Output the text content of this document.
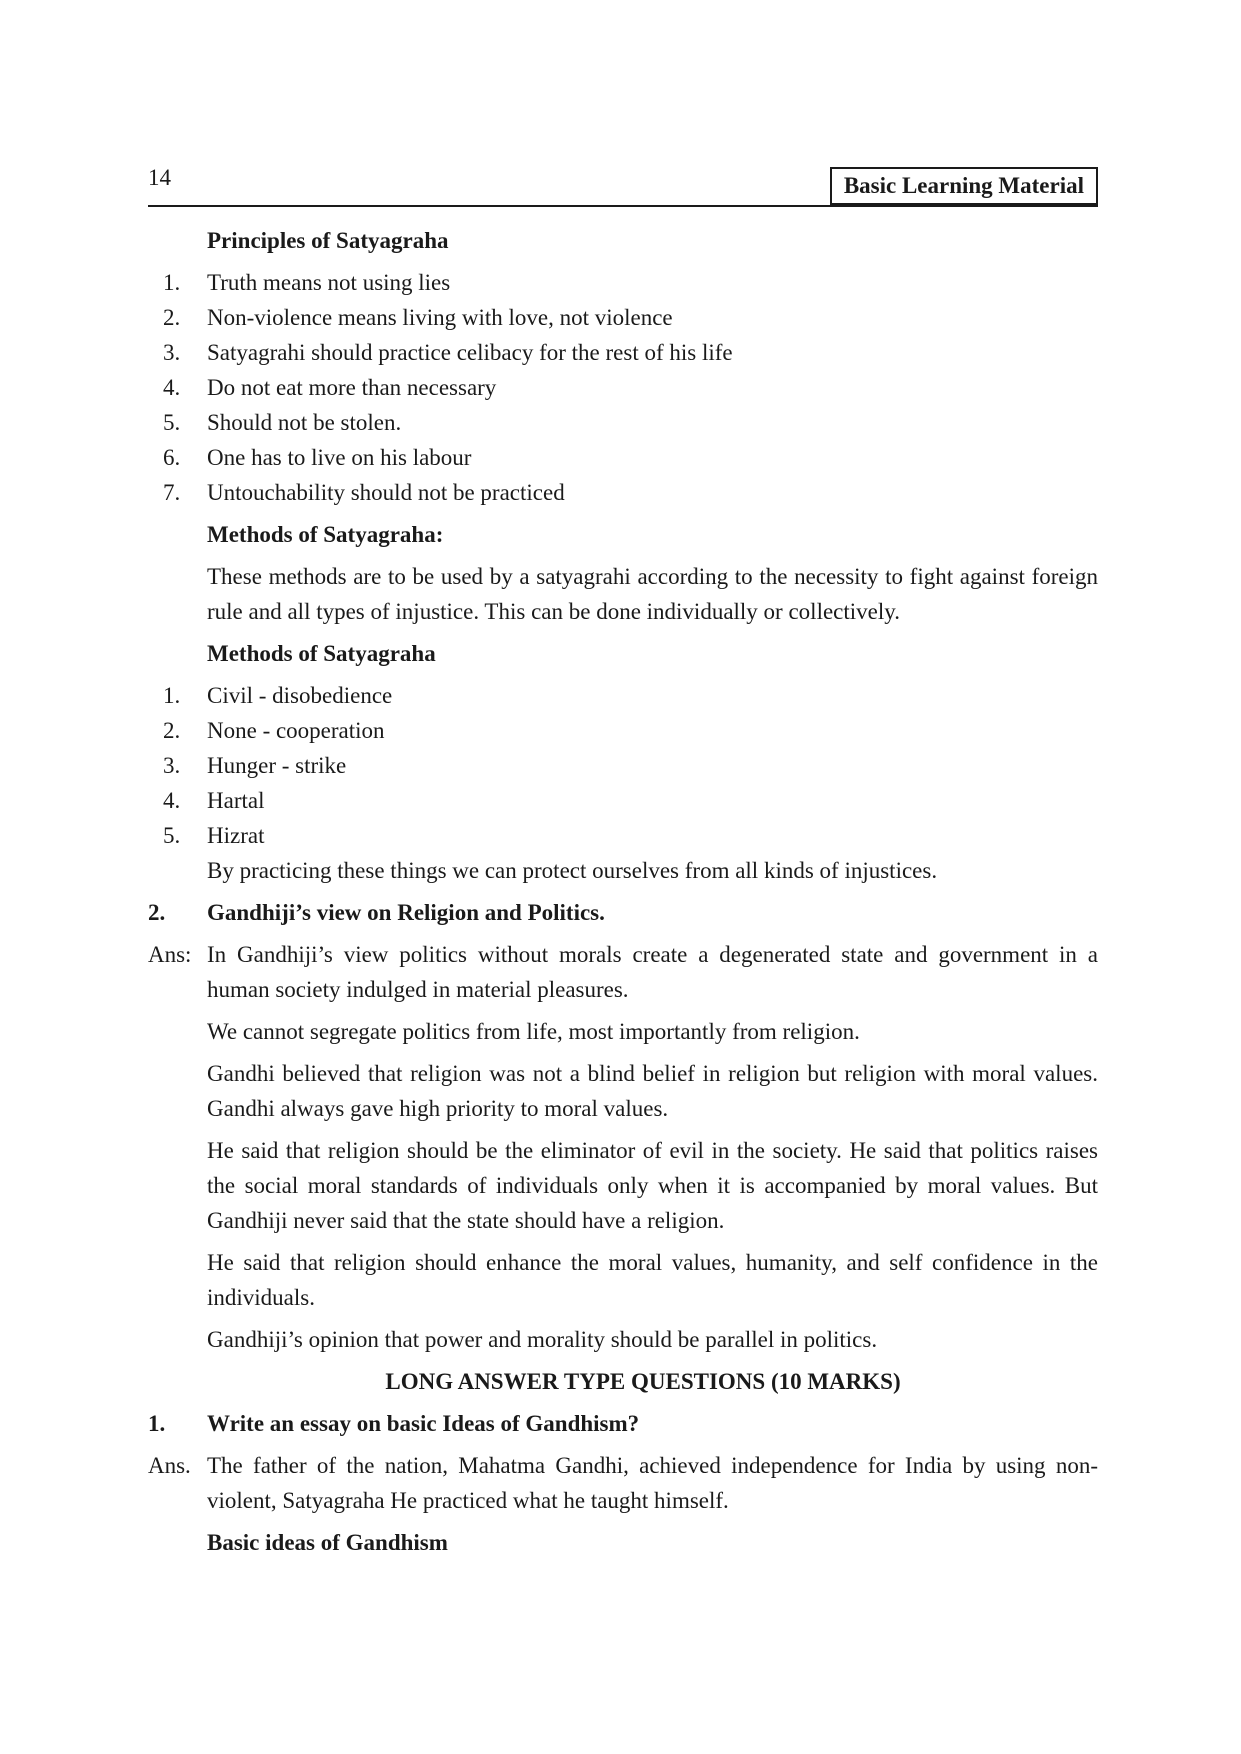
14	Basic Learning Material
Principles of Satyagraha
1. Truth means not using lies
2. Non-violence means living with love, not violence
3. Satyagrahi should practice celibacy for the rest of his life
4. Do not eat more than necessary
5. Should not be stolen.
6. One has to live on his labour
7. Untouchability should not be practiced
Methods of Satyagraha:
These methods are to be used by a satyagrahi according to the necessity to fight against foreign rule and all types of injustice. This can be done individually or collectively.
Methods of Satyagraha
1. Civil - disobedience
2. None - cooperation
3. Hunger - strike
4. Hartal
5. Hizrat
By practicing these things we can protect ourselves from all kinds of injustices.
2. Gandhiji’s view on Religion and Politics.
Ans: In Gandhiji’s view politics without morals create a degenerated state and government in a human society indulged in material pleasures.
We cannot segregate politics from life, most importantly from religion.
Gandhi believed that religion was not a blind belief in religion but religion with moral values. Gandhi always gave high priority to moral values.
He said that religion should be the eliminator of evil in the society. He said that politics raises the social moral standards of individuals only when it is accompanied by moral values. But Gandhiji never said that the state should have a religion.
He said that religion should enhance the moral values, humanity, and self confidence in the individuals.
Gandhiji’s opinion that power and morality should be parallel in politics.
LONG ANSWER TYPE QUESTIONS (10 MARKS)
1. Write an essay on basic Ideas of Gandhism?
Ans. The father of the nation, Mahatma Gandhi, achieved independence for India by using non-violent, Satyagraha He practiced what he taught himself.
Basic ideas of Gandhism
